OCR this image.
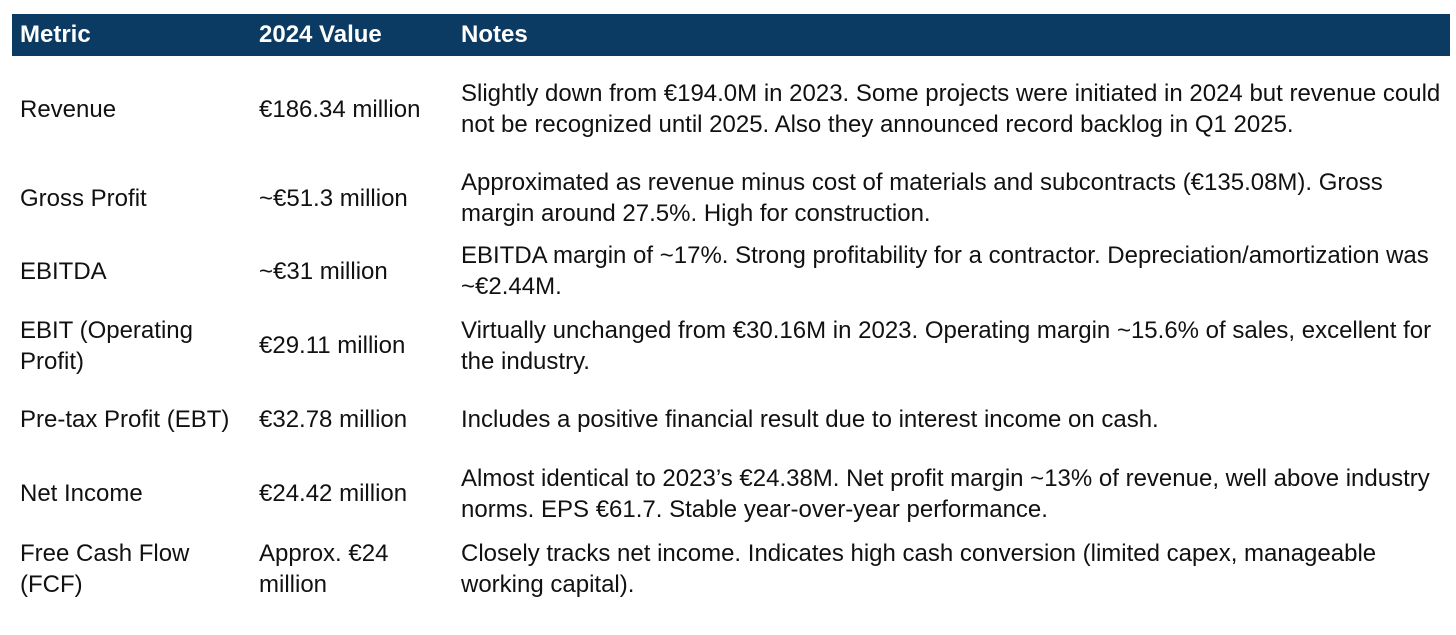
Metric	2024 Value	Notes
Revenue	€186.34 million	Slightly down from €194.0M in 2023. Some projects were initiated in 2024 but revenue could not be recognized until 2025. Also they announced record backlog in Q1 2025.
Gross Profit	~€51.3 million	Approximated as revenue minus cost of materials and subcontracts (€135.08M). Gross margin around 27.5%. High for construction.
EBITDA	~€31 million	EBITDA margin of ~17%. Strong profitability for a contractor. Depreciation/amortization was ~€2.44M.
EBIT (Operating Profit)	€29.11 million	Virtually unchanged from €30.16M in 2023. Operating margin ~15.6% of sales, excellent for the industry.
Pre-tax Profit (EBT)	€32.78 million	Includes a positive financial result due to interest income on cash.
Net Income	€24.42 million	Almost identical to 2023’s €24.38M. Net profit margin ~13% of revenue, well above industry norms. EPS €61.7. Stable year-over-year performance.
Free Cash Flow (FCF)	Approx. €24 million	Closely tracks net income. Indicates high cash conversion (limited capex, manageable working capital).
